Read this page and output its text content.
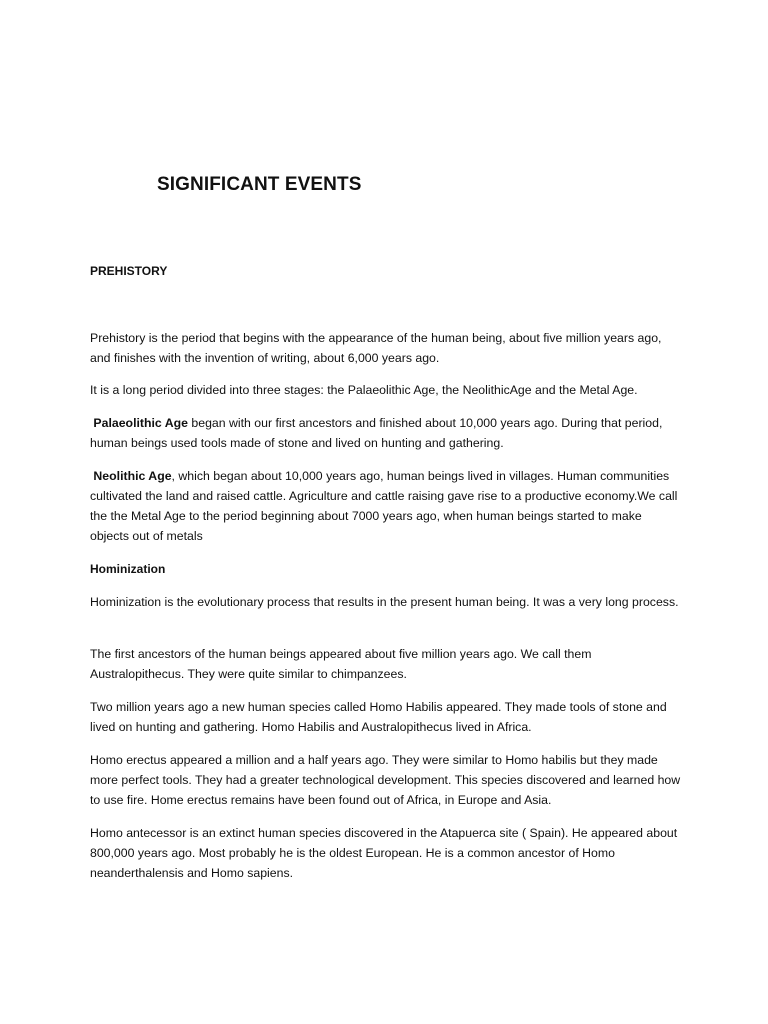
SIGNIFICANT EVENTS
PREHISTORY

Prehistory is the period that begins with the appearance of the human being, about five million years ago, and finishes with the invention of writing, about 6,000 years ago.

It is a long period divided into three stages: the Palaeolithic Age, the NeolithicAge and the Metal Age.

Palaeolithic Age began with our first ancestors and finished about 10,000 years ago. During that period, human beings used tools made of stone and lived on hunting and gathering.

Neolithic Age, which began about 10,000 years ago, human beings lived in villages. Human communities cultivated the land and raised cattle. Agriculture and cattle raising gave rise to a productive economy.We call the the Metal Age to the period beginning about 7000 years ago, when human beings started to make objects out of metals

Hominization

Hominization is the evolutionary process that results in the present human being. It was a very long process.

The first ancestors of the human beings appeared about five million years ago. We call them Australopithecus. They were quite similar to chimpanzees.

Two million years ago a new human species called Homo Habilis appeared. They made tools of stone and lived on hunting and gathering. Homo Habilis and Australopithecus lived in Africa.

Homo erectus appeared a million and a half years ago. They were similar to Homo habilis but they made more perfect tools. They had a greater technological development. This species discovered and learned how to use fire. Home erectus remains have been found out of Africa, in Europe and Asia.

Homo antecessor is an extinct human species discovered in the Atapuerca site ( Spain). He appeared about 800,000 years ago. Most probably he is the oldest European. He is a common ancestor of Homo neanderthalensis and Homo sapiens.
